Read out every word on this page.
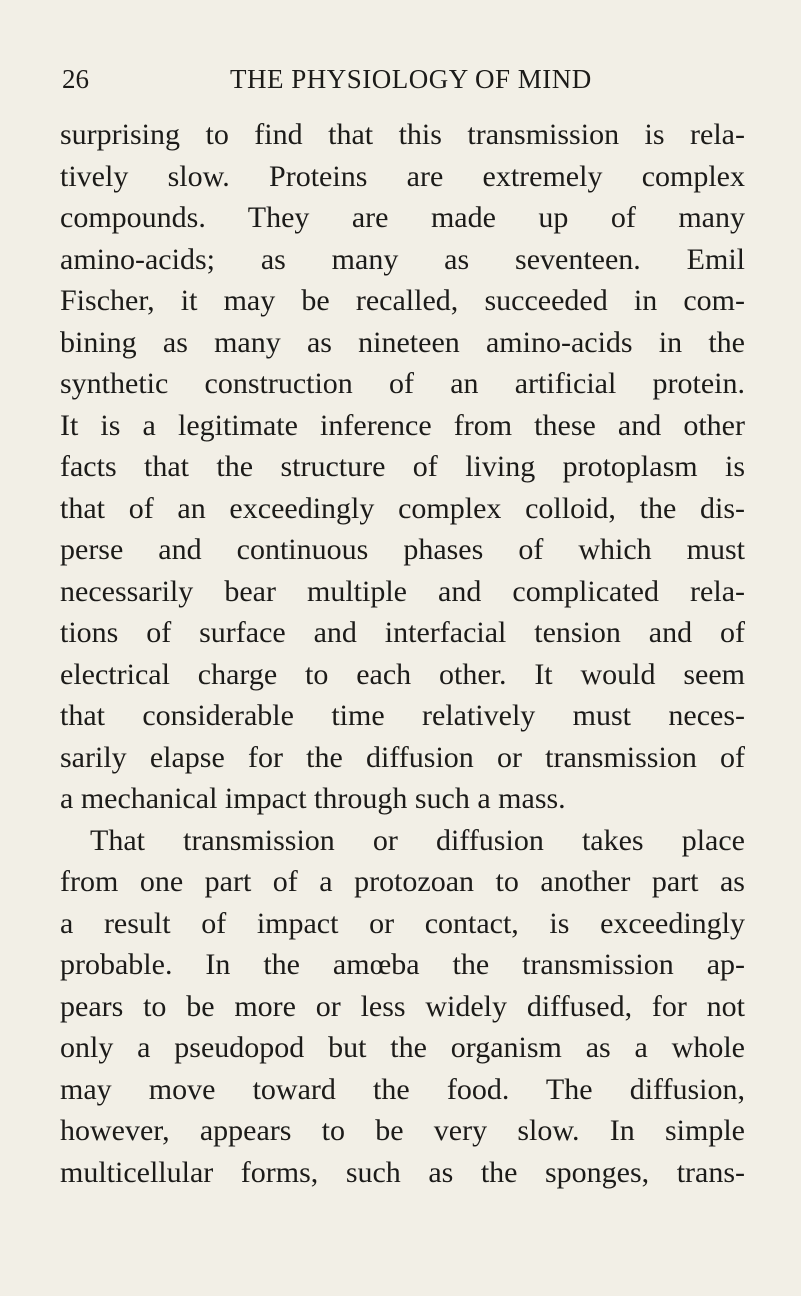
26	THE PHYSIOLOGY OF MIND
surprising to find that this transmission is rela-
tively slow. Proteins are extremely complex
compounds. They are made up of many
amino-acids; as many as seventeen. Emil
Fischer, it may be recalled, succeeded in com-
bining as many as nineteen amino-acids in the
synthetic construction of an artificial protein.
It is a legitimate inference from these and other
facts that the structure of living protoplasm is
that of an exceedingly complex colloid, the dis-
perse and continuous phases of which must
necessarily bear multiple and complicated rela-
tions of surface and interfacial tension and of
electrical charge to each other. It would seem
that considerable time relatively must neces-
sarily elapse for the diffusion or transmission of
a mechanical impact through such a mass.
That transmission or diffusion takes place
from one part of a protozoan to another part as
a result of impact or contact, is exceedingly
probable. In the amœba the transmission ap-
pears to be more or less widely diffused, for not
only a pseudopod but the organism as a whole
may move toward the food. The diffusion,
however, appears to be very slow. In simple
multicellular forms, such as the sponges, trans-
